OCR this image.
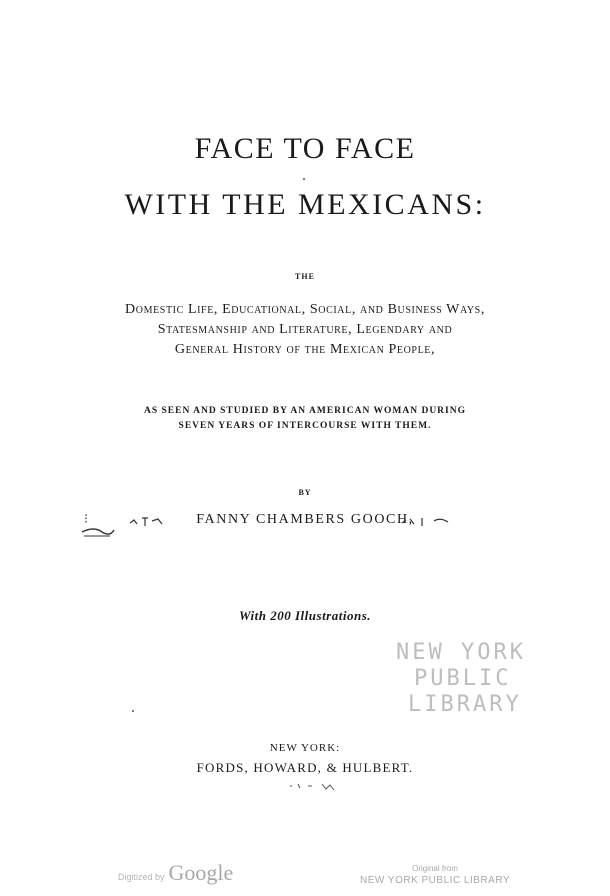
FACE TO FACE
WITH THE MEXICANS:
THE
Domestic Life, Educational, Social, and Business Ways,
Statesmanship and Literature, Legendary and
General History of the Mexican People,
AS SEEN AND STUDIED BY AN AMERICAN WOMAN DURING
SEVEN YEARS OF INTERCOURSE WITH THEM.
BY
⁝	FANNY CHAMBERS GOOCH,
With 200 Illustrations.
NEW YORK
PUBLIC
LIBRARY
NEW YORK:
FORDS, HOWARD, & HULBERT.
Digitized by Google	Original from
NEW YORK PUBLIC LIBRARY
